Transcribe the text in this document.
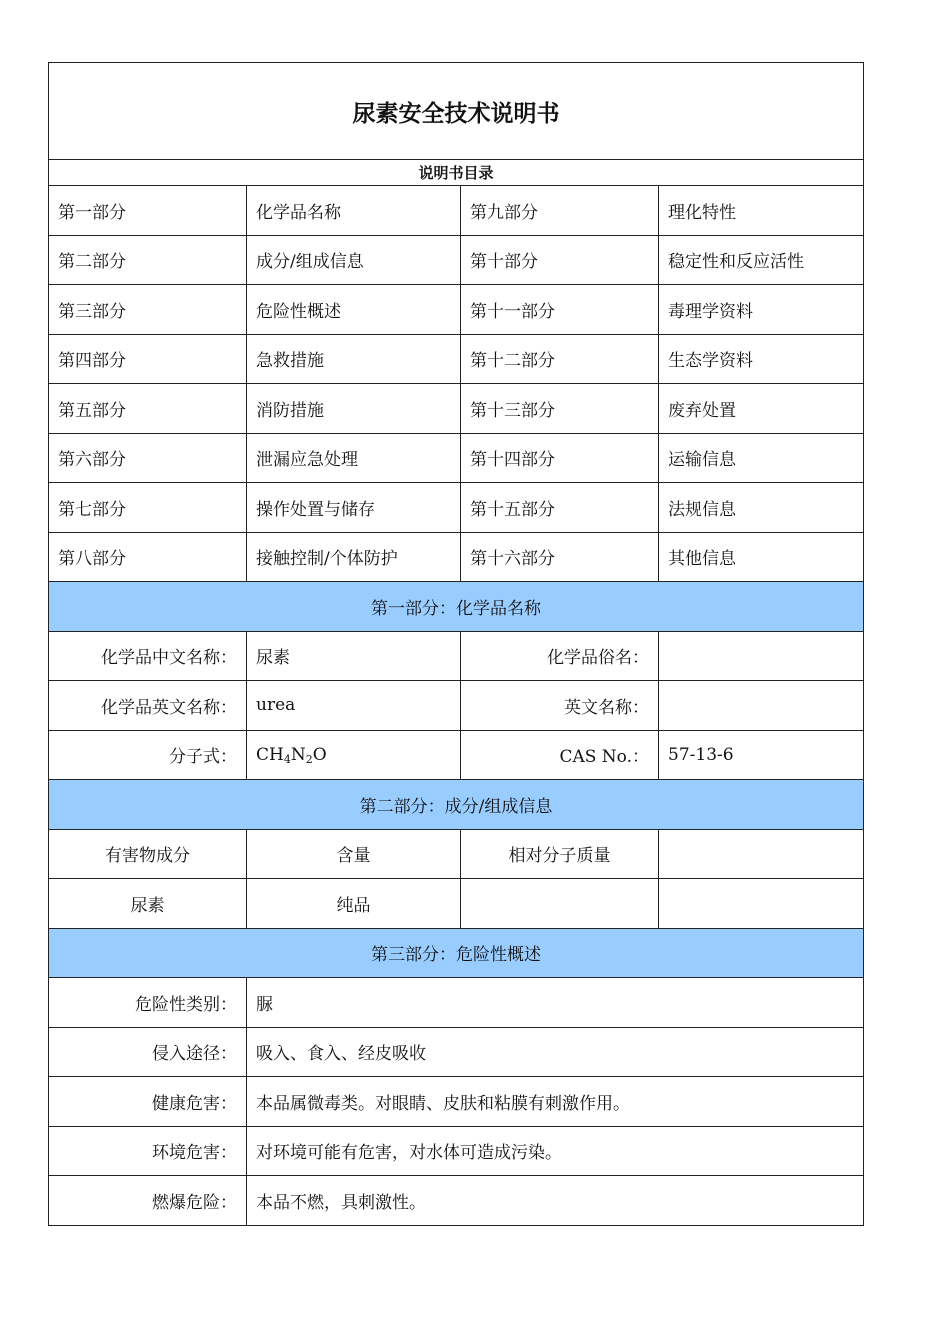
尿素安全技术说明书			
说明书目录			
第一部分	化学品名称	第九部分	理化特性
第二部分	成分/组成信息	第十部分	稳定性和反应活性
第三部分	危险性概述	第十一部分	毒理学资料
第四部分	急救措施	第十二部分	生态学资料
第五部分	消防措施	第十三部分	废弃处置
第六部分	泄漏应急处理	第十四部分	运输信息
第七部分	操作处置与储存	第十五部分	法规信息
第八部分	接触控制/个体防护	第十六部分	其他信息
第一部分：化学品名称			
化学品中文名称：	尿素	化学品俗名：	
化学品英文名称：	urea	英文名称：	
分子式：	$CH_4N_2O$	CAS No.：	57-13-6
第二部分：成分/组成信息			
有害物成分	含量	相对分子质量	
尿素	纯品		
第三部分：危险性概述			
危险性类别：	脲		
侵入途径：	吸入、食入、经皮吸收		
健康危害：	本品属微毒类。对眼睛、皮肤和粘膜有刺激作用。		
环境危害：	对环境可能有危害，对水体可造成污染。		
燃爆危险：	本品不燃，具刺激性。		
